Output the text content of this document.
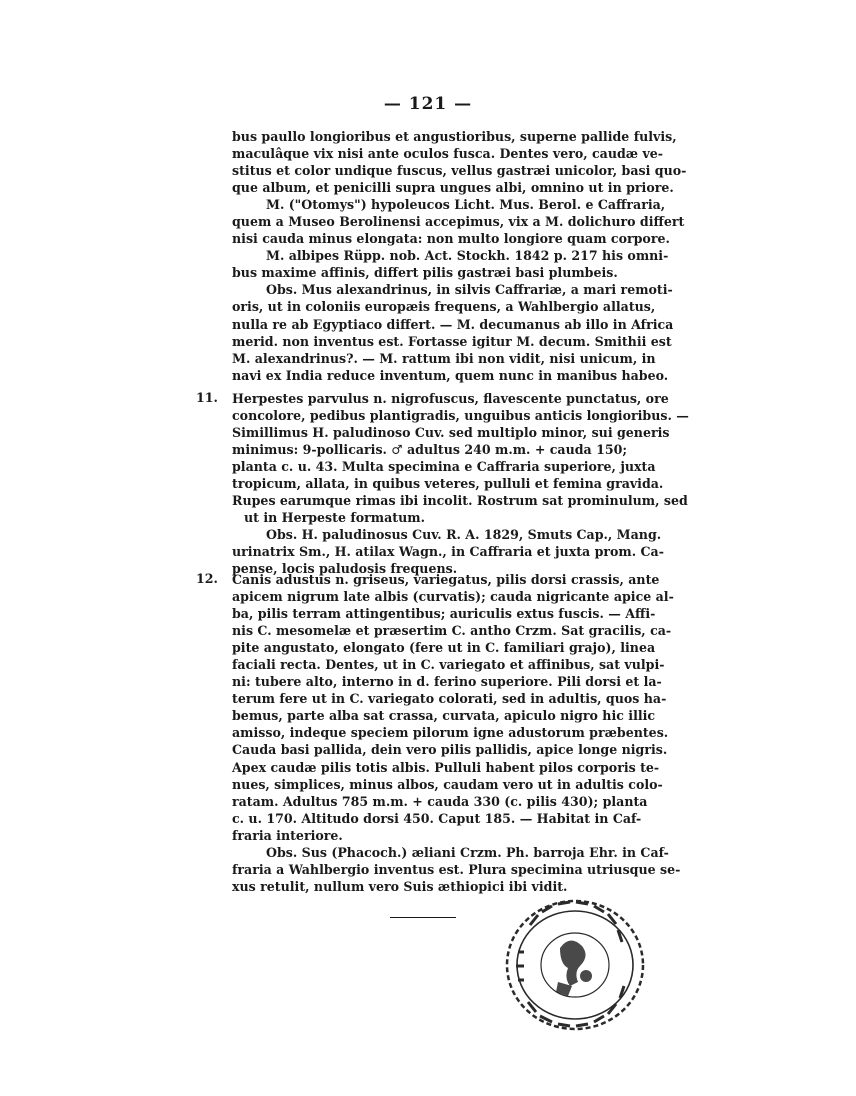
— 121 —
bus paullo longioribus et angustioribus, superne pallide fulvis,
maculâque vix nisi ante oculos fusca. Dentes vero, caudæ ve-
stitus et color undique fuscus, vellus gastræi unicolor, basi quo-
que album, et penicilli supra ungues albi, omnino ut in priore.
M. ("Otomys") hypoleucos Licht. Mus. Berol. e Caffraria,
quem a Museo Berolinensi accepimus, vix a M. dolichuro differt
nisi cauda minus elongata: non multo longiore quam corpore.
M. albipes Rüpp. nob. Act. Stockh. 1842 p. 217 his omni-
bus maxime affinis, differt pilis gastræi basi plumbeis.
Obs. Mus alexandrinus, in silvis Caffrariæ, a mari remoti-
oris, ut in coloniis europæis frequens, a Wahlbergio allatus,
nulla re ab Egyptiaco differt. — M. decumanus ab illo in Africa
merid. non inventus est. Fortasse igitur M. decum. Smithii est
M. alexandrinus?. — M. rattum ibi non vidit, nisi unicum, in
navi ex India reduce inventum, quem nunc in manibus habeo.
11. Herpestes parvulus n. nigrofuscus, flavescente punctatus, ore
concolore, pedibus plantigradis, unguibus anticis longioribus. —
Simillimus H. paludinoso Cuv. sed multiplo minor, sui generis
minimus: 9-pollicaris. ♂ adultus 240 m.m. + cauda 150;
planta c. u. 43. Multa specimina e Caffraria superiore, juxta
tropicum, allata, in quibus veteres, pulluli et femina gravida.
Rupes earumque rimas ibi incolit. Rostrum sat prominulum, sed
ut in Herpeste formatum.
Obs. H. paludinosus Cuv. R. A. 1829, Smuts Cap., Mang.
urinatrix Sm., H. atilax Wagn., in Caffraria et juxta prom. Ca-
pense, locis paludosis frequens.
12. Canis adustus n. griseus, variegatus, pilis dorsi crassis, ante
apicem nigrum late albis (curvatis); cauda nigricante apice al-
ba, pilis terram attingentibus; auriculis extus fuscis. — Affi-
nis C. mesomelæ et præsertim C. antho Crzm. Sat gracilis, ca-
pite angustato, elongato (fere ut in C. familiari grajo), linea
faciali recta. Dentes, ut in C. variegato et affinibus, sat vulpi-
ni: tubere alto, interno in d. ferino superiore. Pili dorsi et la-
terum fere ut in C. variegato colorati, sed in adultis, quos ha-
bemus, parte alba sat crassa, curvata, apiculo nigro hic illic
amisso, indeque speciem pilorum igne adustorum præbentes.
Cauda basi pallida, dein vero pilis pallidis, apice longe nigris.
Apex caudæ pilis totis albis. Pulluli habent pilos corporis te-
nues, simplices, minus albos, caudam vero ut in adultis colo-
ratam. Adultus 785 m.m. + cauda 330 (c. pilis 430); planta
c. u. 170. Altitudo dorsi 450. Caput 185. — Habitat in Caf-
fraria interiore.
Obs. Sus (Phacoch.) æliani Crzm. Ph. barroja Ehr. in Caf-
fraria a Wahlbergio inventus est. Plura specimina utriusque se-
xus retulit, nullum vero Suis æthiopici ibi vidit.
